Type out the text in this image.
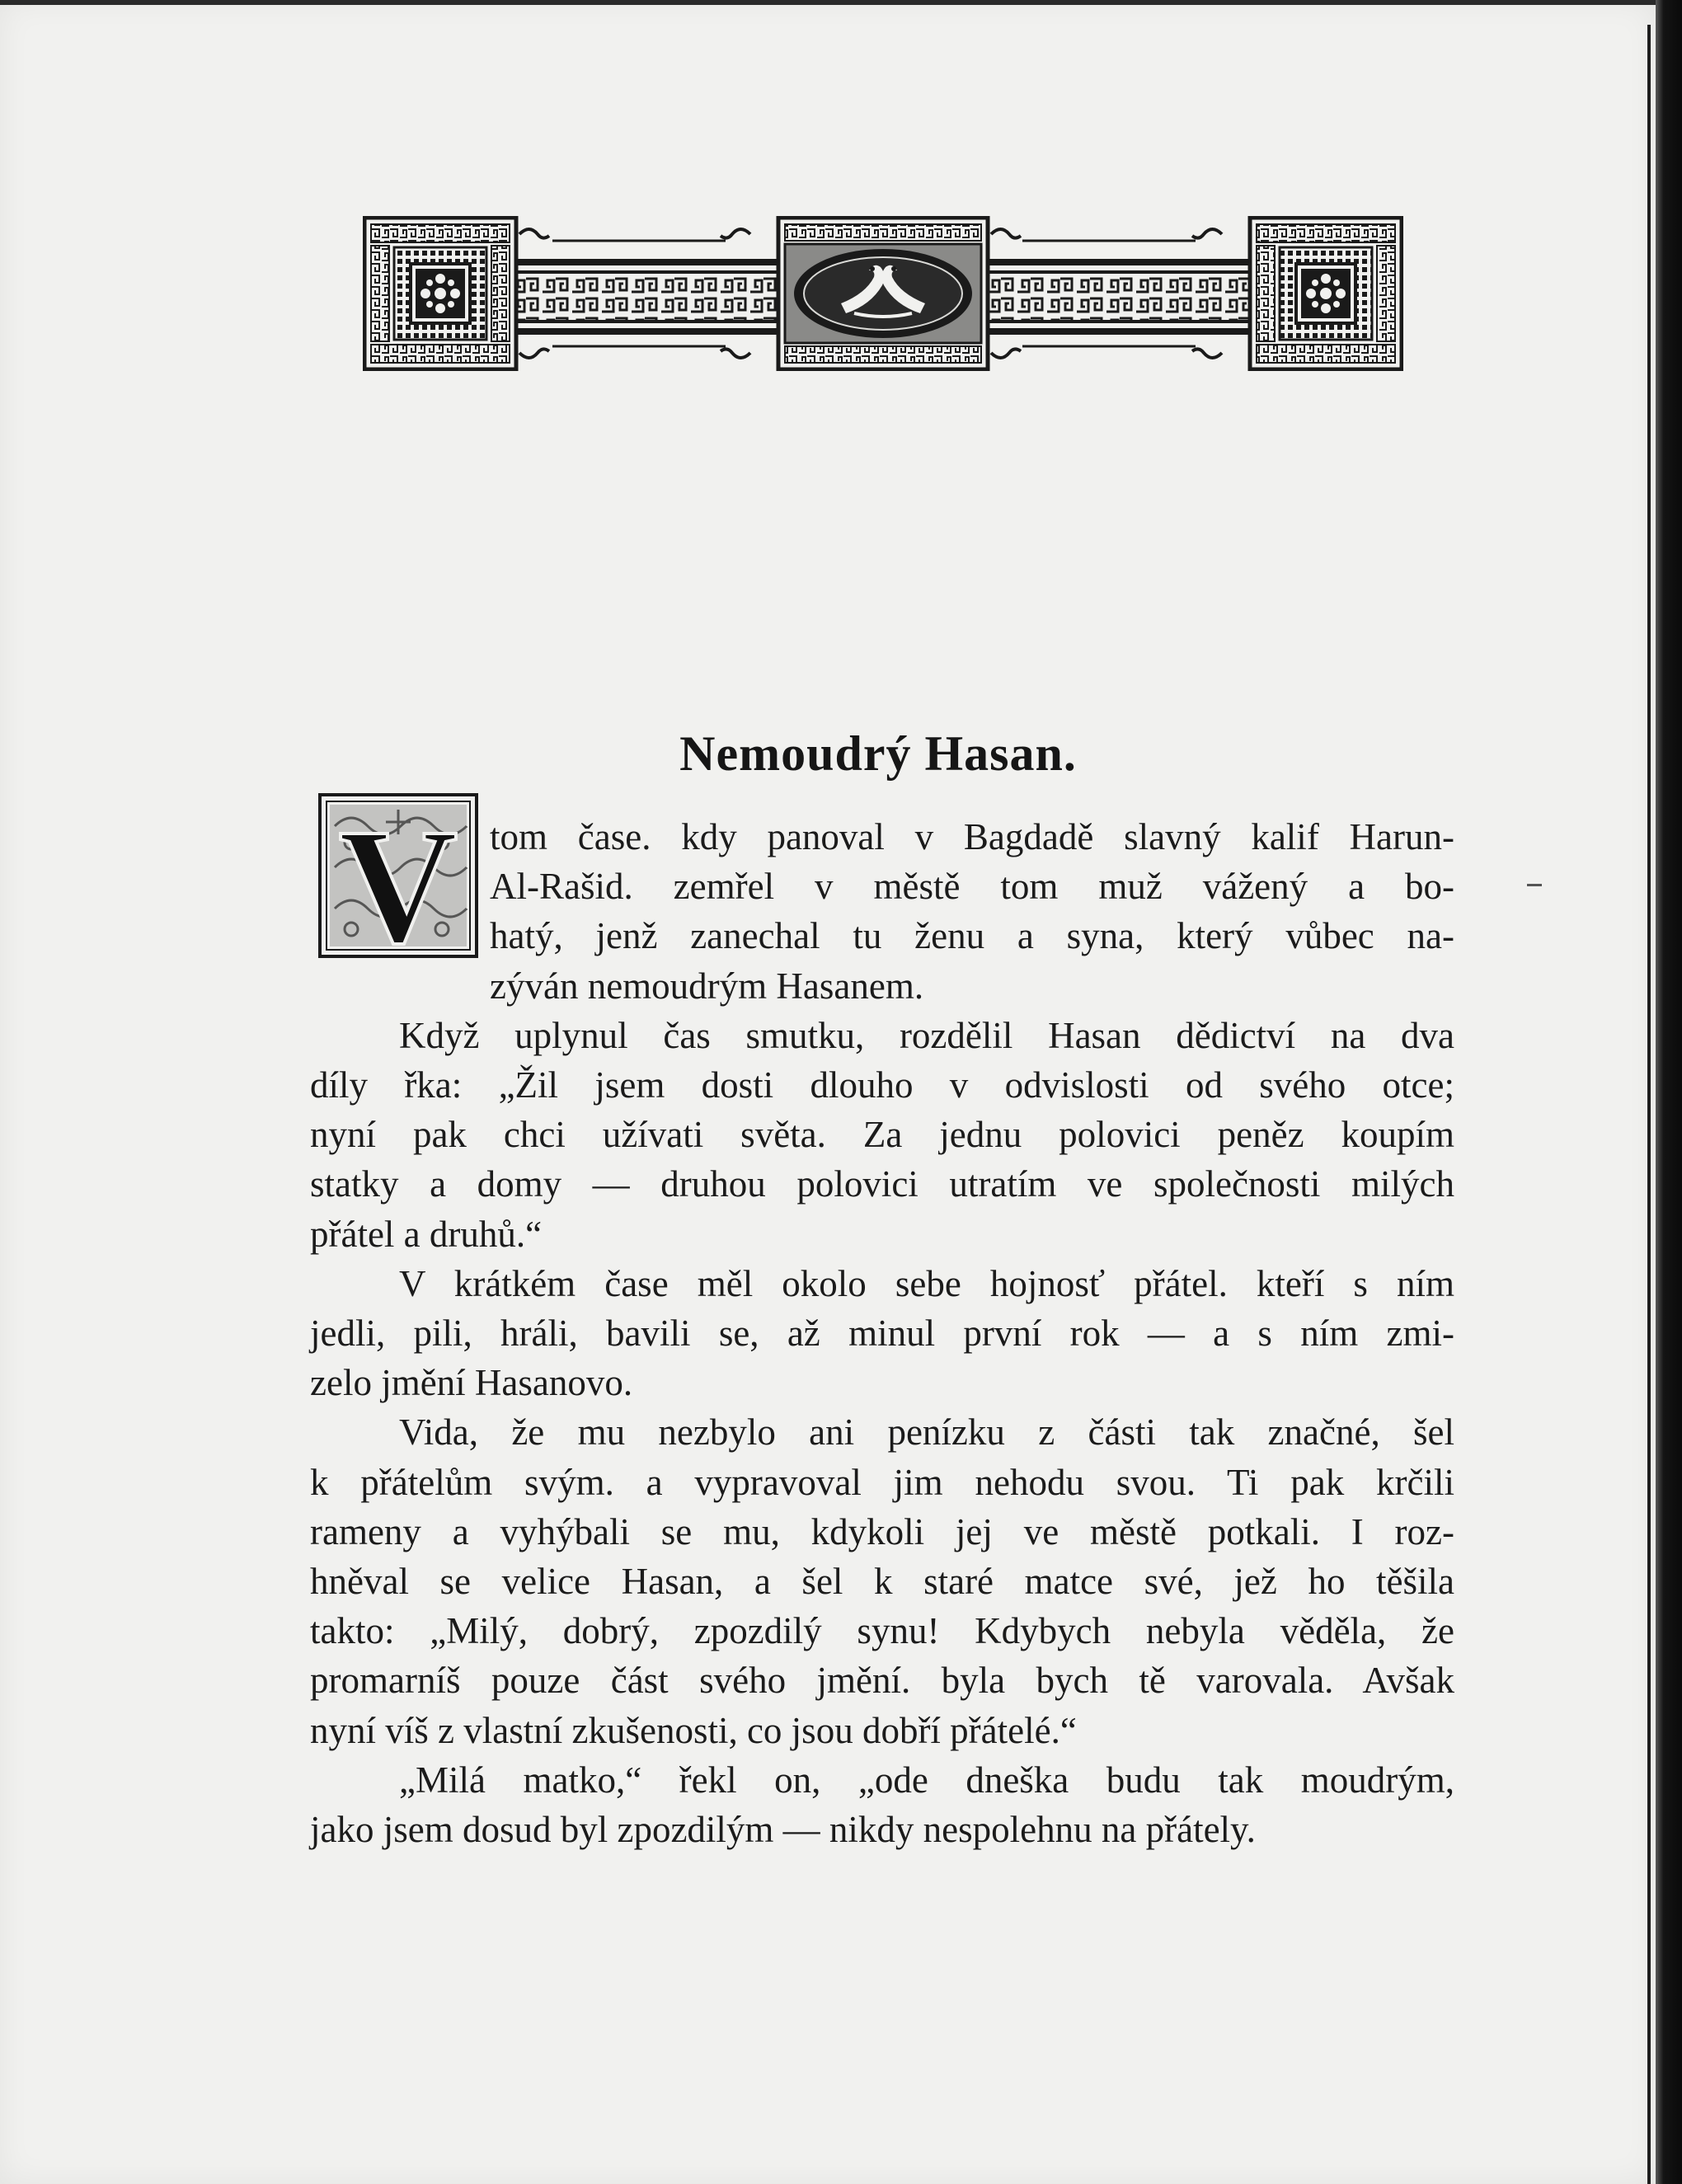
Nemoudrý Hasan.
V tom čase. kdy panoval v Bagdadě slavný kalif Harun-

Al-Rašid. zemřel v městě tom muž vážený a bo-

hatý, jenž zanechal tu ženu a syna, který vůbec na-

zýván nemoudrým Hasanem.

Když uplynul čas smutku, rozdělil Hasan dědictví na dva

díly řka: „Žil jsem dosti dlouho v odvislosti od svého otce;

nyní pak chci užívati světa. Za jednu polovici peněz koupím

statky a domy — druhou polovici utratím ve společnosti milých

přátel a druhů.“

V krátkém čase měl okolo sebe hojnosť přátel. kteří s ním

jedli, pili, hráli, bavili se, až minul první rok — a s ním zmi-

zelo jmění Hasanovo.

Vida, že mu nezbylo ani penízku z části tak značné, šel

k přátelům svým. a vypravoval jim nehodu svou. Ti pak krčili

rameny a vyhýbali se mu, kdykoli jej ve městě potkali. I roz-

hněval se velice Hasan, a šel k staré matce své, jež ho těšila

takto: „Milý, dobrý, zpozdilý synu! Kdybych nebyla věděla, že

promarníš pouze část svého jmění. byla bych tě varovala. Avšak

nyní víš z vlastní zkušenosti, co jsou dobří přátelé.“

„Milá matko,“ řekl on, „ode dneška budu tak moudrým,

jako jsem dosud byl zpozdilým — nikdy nespolehnu na přátely.
